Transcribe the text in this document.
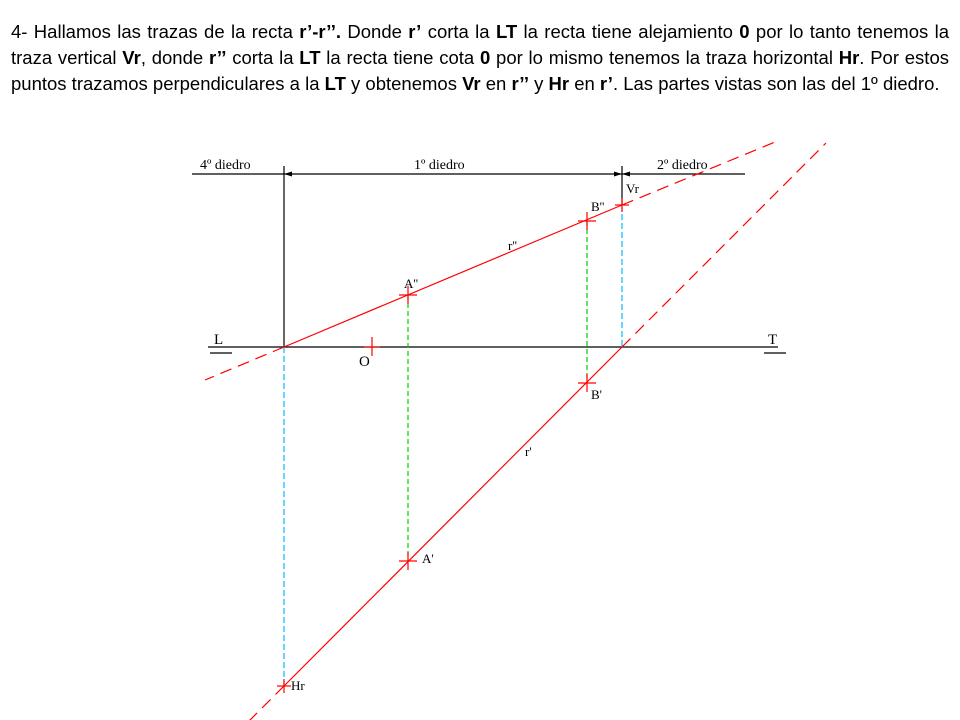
4- Hallamos las trazas de la recta r’-r’’. Donde r’ corta la LT la recta tiene alejamiento 0 por lo tanto tenemos la traza vertical Vr, donde r’’ corta la LT la recta tiene cota 0 por lo mismo tenemos la traza horizontal Hr. Por estos puntos trazamos perpendiculares a la LT y obtenemos Vr en r’’ y Hr en r’. Las partes vistas son las del 1º diedro.

4º diedro	1º diedro	2º diedro
L	T
O
r''
r'
A''
A'
B''
B'
Vr
Hr
